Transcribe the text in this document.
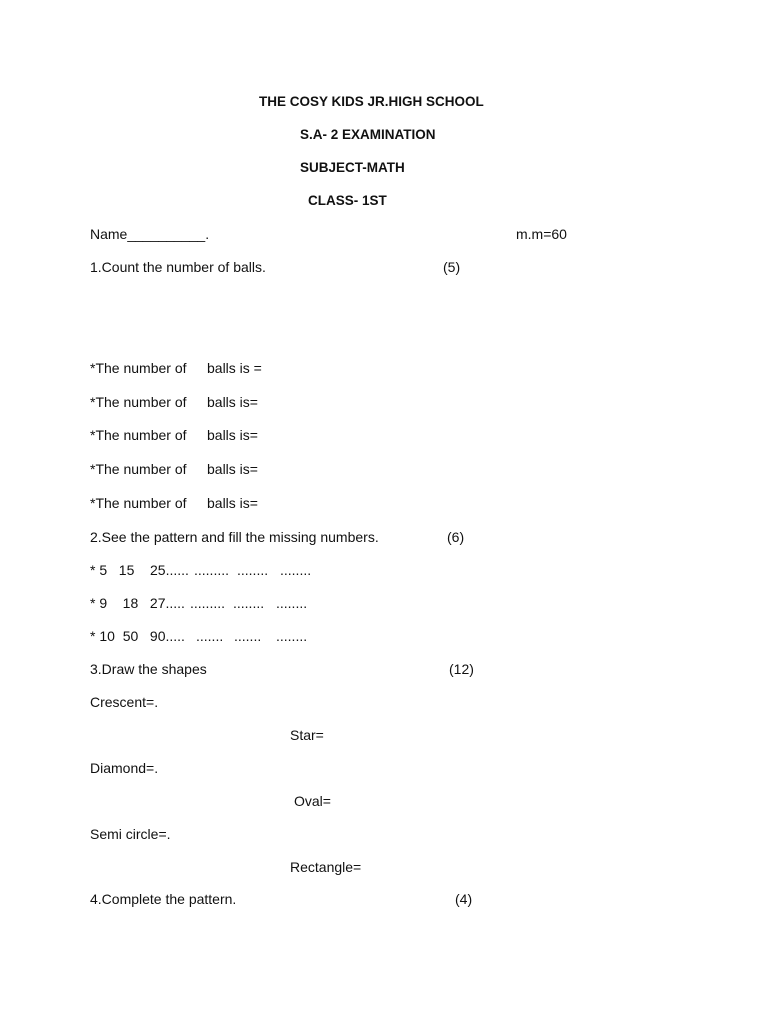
THE COSY KIDS JR.HIGH SCHOOL
S.A- 2 EXAMINATION
SUBJECT-MATH
CLASS- 1ST
Name__________.	m.m=60
1.Count the number of balls.	(5)
*The number of balls is =
*The number of balls is=
*The number of balls is=
*The number of balls is=
*The number of balls is=
2.See the pattern and fill the missing numbers.	(6)
* 5   15 25...... ......... ........ ........
* 9    18   27..... ......... ........ ........
* 10  50   90..... ....... ....... ........
3.Draw the shapes	(12)
Crescent=.
Star=
Diamond=.
Oval=
Semi circle=.
Rectangle=
4.Complete the pattern.	(4)
